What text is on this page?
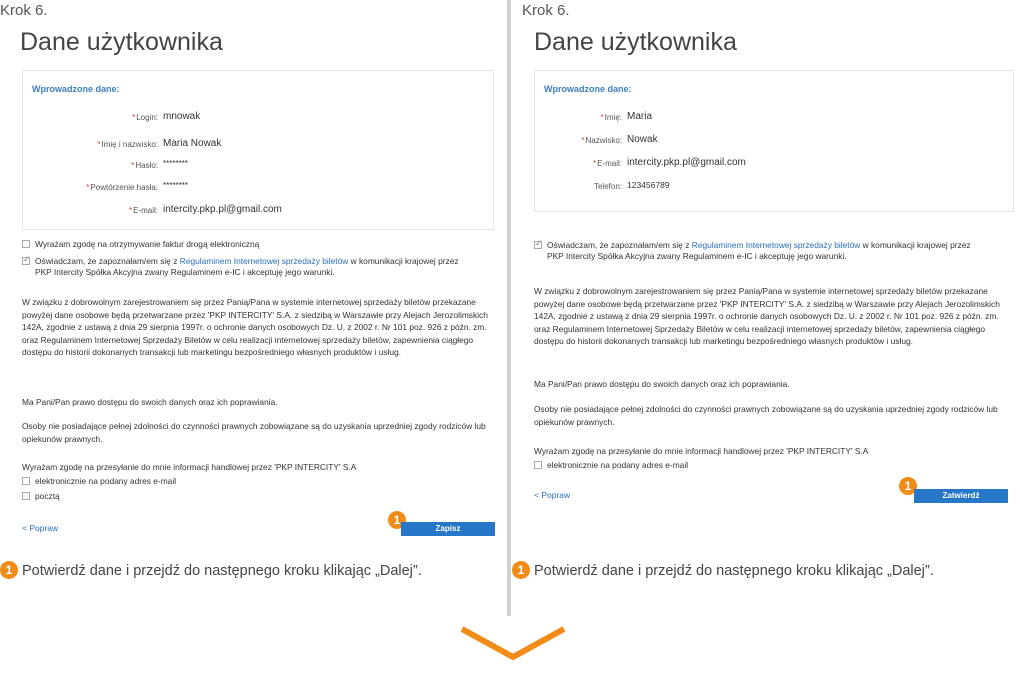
Krok 6.
Dane użytkownika
Wprowadzone dane:
*Login: mnowak
*Imię i nazwisko: Maria Nowak
*Hasło: ********
*Powtórzenie hasła: ********
*E-mail: intercity.pkp.pl@gmail.com
Wyrażam zgodę na otrzymywanie faktur drogą elektroniczną
✓
Oświadczam, że zapoznałam/em się z Regulaminem Internetowej sprzedaży biletów w komunikacji krajowej przez
PKP Intercity Spółka Akcyjna zwany Regulaminem e-IC i akceptuję jego warunki.

W związku z dobrowolnym zarejestrowaniem się przez Panią/Pana w systemie internetowej sprzedaży biletów przekazane powyżej dane osobowe będą przetwarzane przez 'PKP INTERCITY' S.A. z siedzibą w Warszawie przy Alejach Jerozolimskich 142A, zgodnie z ustawą z dnia 29 sierpnia 1997r. o ochronie danych osobowych Dz. U. z 2002 r. Nr 101 poz. 926 z późn. zm. oraz Regulaminem Internetowej Sprzedaży Biletów w celu realizacji internetowej sprzedaży biletów, zapewnienia ciągłego dostępu do historii dokonanych transakcji lub marketingu bezpośredniego własnych produktów i usług.

Ma Pani/Pan prawo dostępu do swoich danych oraz ich poprawiania.

Osoby nie posiadające pełnej zdolności do czynności prawnych zobowiązane są do uzyskania uprzedniej zgody rodziców lub opiekunów prawnych.

Wyrażam zgodę na przesyłanie do mnie informacji handlowej przez 'PKP INTERCITY' S.A

elektronicznie na podany adres e-mail
pocztą
< Popraw
1
Zapisz
1 Potwierdź dane i przejdź do następnego kroku klikając „Dalej”.
Krok 6.
Dane użytkownika
Wprowadzone dane:
*Imię: Maria
*Nazwisko: Nowak
*E-mail: intercity.pkp.pl@gmail.com
Telefon: 123456789
✓
Oświadczam, że zapoznałam/em się z Regulaminem Internetowej sprzedaży biletów w komunikacji krajowej przez
PKP Intercity Spółka Akcyjna zwany Regulaminem e-IC i akceptuję jego warunki.

W związku z dobrowolnym zarejestrowaniem się przez Panią/Pana w systemie internetowej sprzedaży biletów przekazane powyżej dane osobowe będą przetwarzane przez 'PKP INTERCITY' S.A. z siedzibą w Warszawie przy Alejach Jerozolimskich 142A, zgodnie z ustawą z dnia 29 sierpnia 1997r. o ochronie danych osobowych Dz. U. z 2002 r. Nr 101 poz. 926 z późn. zm. oraz Regulaminem Internetowej Sprzedaży Biletów w celu realizacji internetowej sprzedaży biletów, zapewnienia ciągłego dostępu do historii dokonanych transakcji lub marketingu bezpośredniego własnych produktów i usług.

Ma Pani/Pan prawo dostępu do swoich danych oraz ich poprawiania.

Osoby nie posiadające pełnej zdolności do czynności prawnych zobowiązane są do uzyskania uprzedniej zgody rodziców lub opiekunów prawnych.

Wyrażam zgodę na przesyłanie do mnie informacji handlowej przez 'PKP INTERCITY' S.A

elektronicznie na podany adres e-mail
< Popraw
1
Zatwierdź
1 Potwierdź dane i przejdź do następnego kroku klikając „Dalej”.
